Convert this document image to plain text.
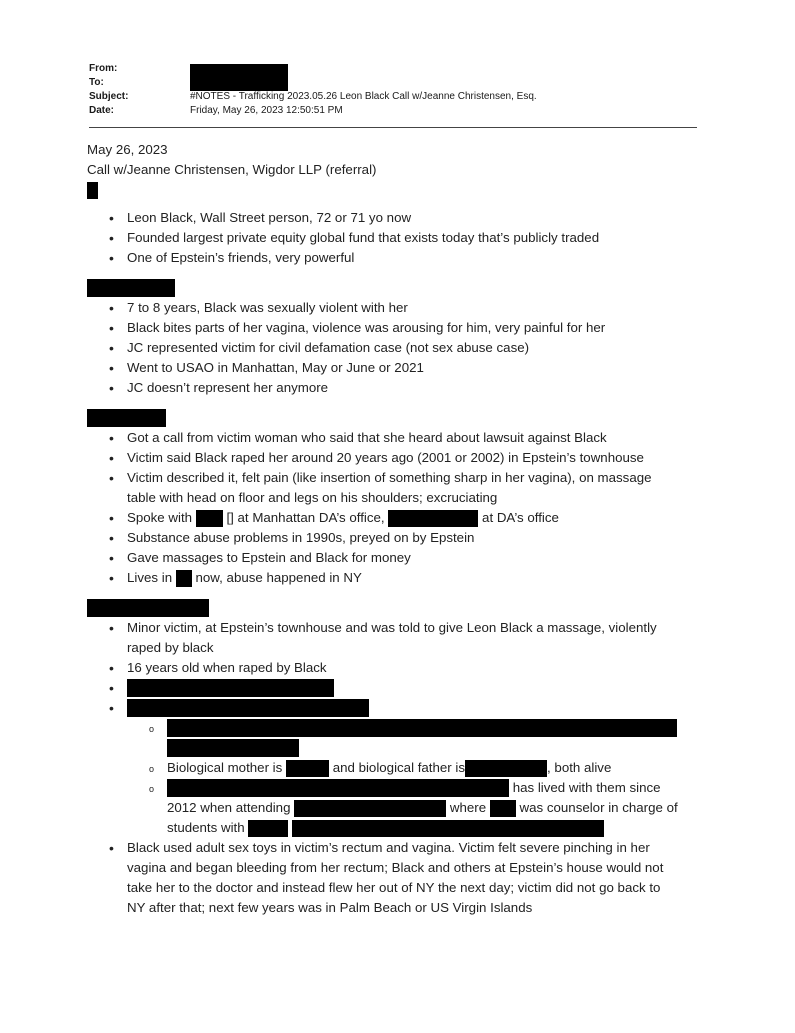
From:
To:
Subject:	#NOTES - Trafficking 2023.05.26 Leon Black Call w/Jeanne Christensen, Esq.
Date:	Friday, May 26, 2023 12:50:51 PM
May 26, 2023
Call w/Jeanne Christensen, Wigdor LLP (referral)
• Leon Black, Wall Street person, 72 or 71 yo now
• Founded largest private equity global fund that exists today that’s publicly traded
• One of Epstein’s friends, very powerful
• 7 to 8 years, Black was sexually violent with her
• Black bites parts of her vagina, violence was arousing for him, very painful for her
• JC represented victim for civil defamation case (not sex abuse case)
• Went to USAO in Manhattan, May or June or 2021
• JC doesn’t represent her anymore
• Got a call from victim woman who said that she heard about lawsuit against Black
• Victim said Black raped her around 20 years ago (2001 or 2002) in Epstein’s townhouse
• Victim described it, felt pain (like insertion of something sharp in her vagina), on massage
table with head on floor and legs on his shoulders; excruciating
• Spoke with	[] at Manhattan DA’s office,	at DA’s office
• Substance abuse problems in 1990s, preyed on by Epstein
• Gave massages to Epstein and Black for money
• Lives in now, abuse happened in NY
• Minor victim, at Epstein’s townhouse and was told to give Leon Black a massage, violently
raped by black
• 16 years old when raped by Black
•
•
o

o Biological mother is	and biological father is	, both alive
o has lived with them since
2012 when attending	where	was counselor in charge of
students with
• Black used adult sex toys in victim’s rectum and vagina. Victim felt severe pinching in her
vagina and began bleeding from her rectum; Black and others at Epstein’s house would not
take her to the doctor and instead flew her out of NY the next day; victim did not go back to
NY after that; next few years was in Palm Beach or US Virgin Islands
